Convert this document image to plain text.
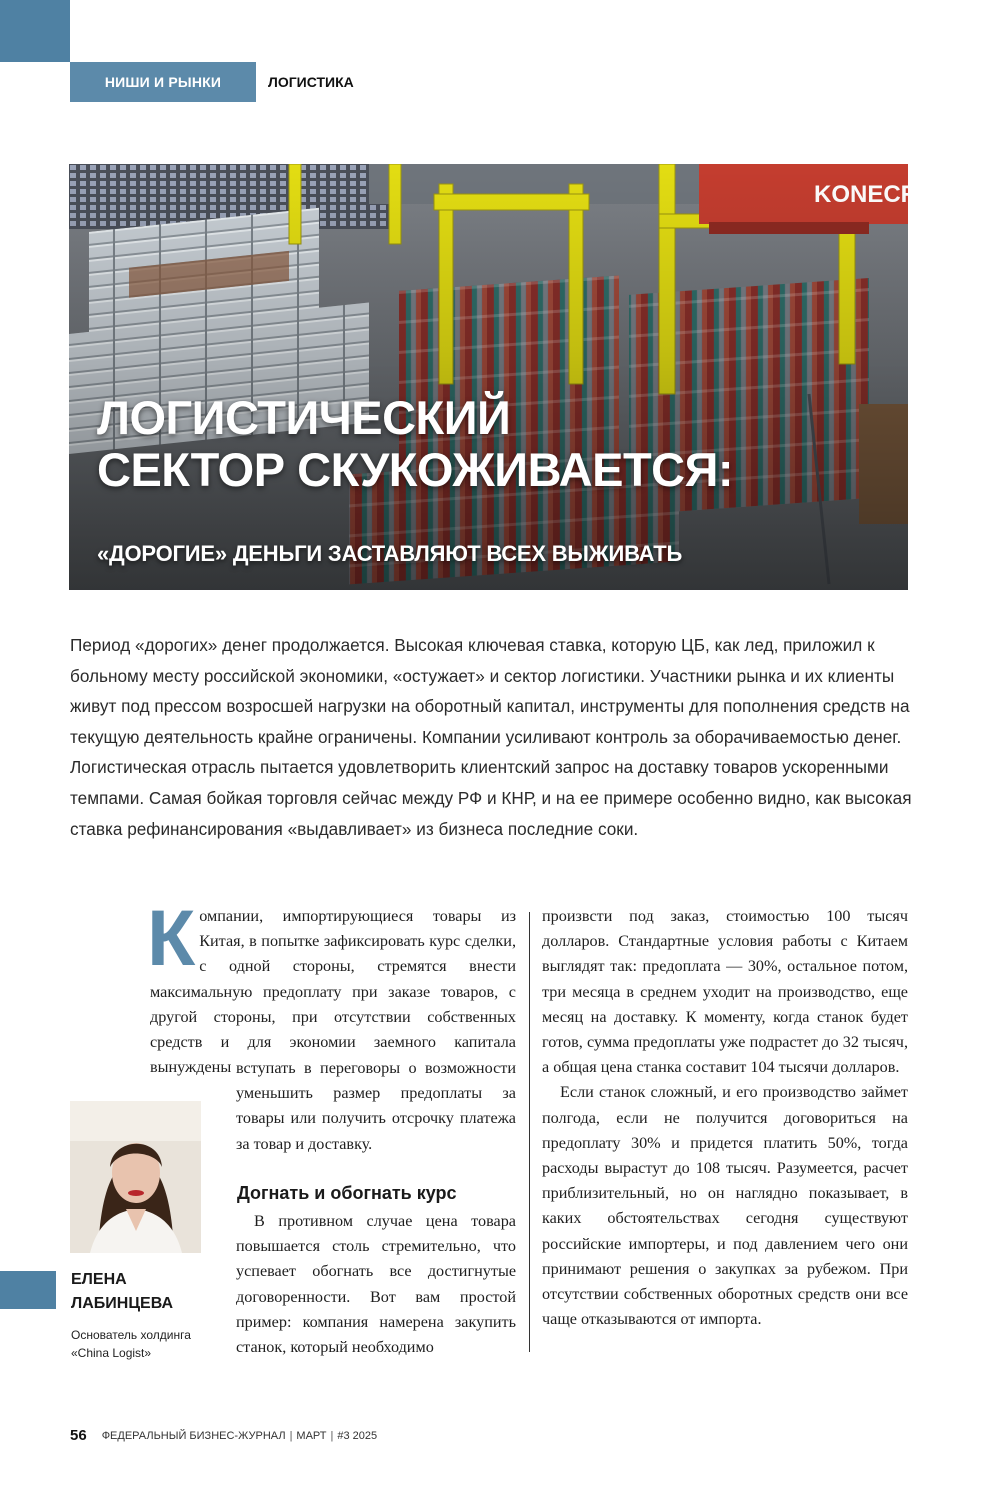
НИШИ И РЫНКИ	ЛОГИСТИКА
ЛОГИСТИЧЕСКИЙ
СЕКТОР СКУКОЖИВАЕТСЯ:
«ДОРОГИЕ» ДЕНЬГИ ЗАСТАВЛЯЮТ ВСЕХ ВЫЖИВАТЬ

Период «дорогих» денег продолжается. Высокая ключевая ставка, которую ЦБ, как лед, приложил к больному месту российской экономики, «остужает» и сектор логистики. Участники рынка и их клиенты живут под прессом возросшей нагрузки на оборотный капитал, инструменты для пополнения средств на текущую деятельность крайне ограничены. Компании усиливают контроль за оборачиваемостью денег. Логистическая отрасль пытается удовлетворить клиентский запрос на доставку товаров ускоренными темпами. Самая бойкая торговля сейчас между РФ и КНР, и на ее примере особенно видно, как высокая ставка рефинансирования «выдавливает» из бизнеса последние соки.

Компании, импортирующиеся товары из Китая, в попытке зафиксировать курс сделки, с одной стороны, стремятся внести максимальную предоплату при заказе товаров, с другой стороны, при отсутствии собственных средств и для экономии заемного капитала вынуждены вступать в переговоры о возможности уменьшить размер предоплаты за товары или получить отсрочку платежа за товар и доставку.

Догнать и обогнать курс

В противном случае цена товара повышается столь стремительно, что успевает обогнать все достигнутые договоренности. Вот вам простой пример: компания намерена закупить станок, который необходимо

произвсти под заказ, стоимостью 100 тысяч долларов. Стандартные условия работы с Китаем выглядят так: предоплата — 30%, остальное потом, три месяца в среднем уходит на производство, еще месяц на доставку. К моменту, когда станок будет готов, сумма предоплаты уже подрастет до 32 тысяч, а общая цена станка составит 104 тысячи долларов.

Если станок сложный, и его производство займет полгода, если не получится договориться на предоплату 30% и придется платить 50%, тогда расходы вырастут до 108 тысяч. Разумеется, расчет приблизительный, но он наглядно показывает, в каких обстоятельствах сегодня существуют российские импортеры, и под давлением чего они принимают решения о закупках за рубежом. При отсутствии собственных оборотных средств они все чаще отказываются от импорта.

ЕЛЕНА
ЛАБИНЦЕВА
Основатель холдинга
«China Logist»
56 ФЕДЕРАЛЬНЫЙ БИЗНЕС-ЖУРНАЛ | МАРТ | #3 2025
